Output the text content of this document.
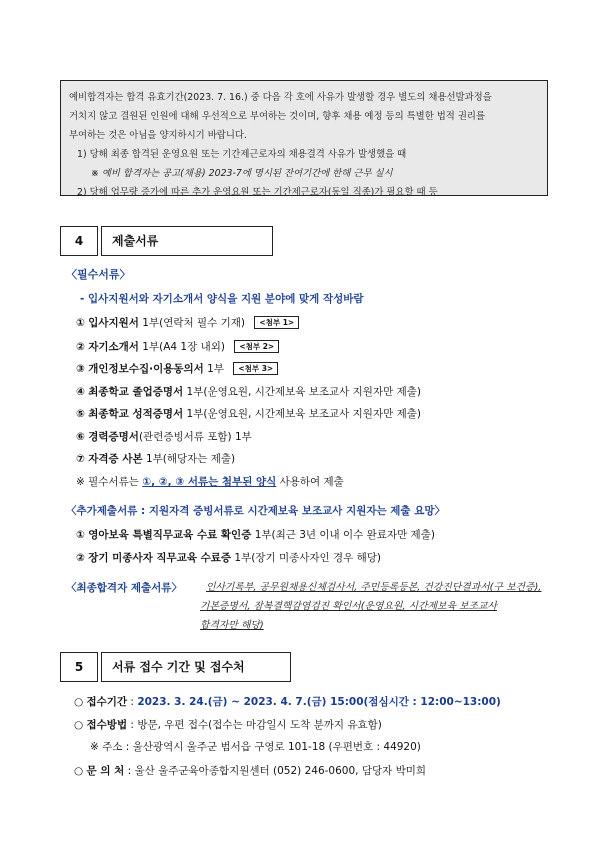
예비합격자는 합격 유효기간(2023. 7. 16.) 중 다음 각 호에 사유가 발생할 경우 별도의 채용선발과정을

거치지 않고 결원된 인원에 대해 우선적으로 부여하는 것이며, 향후 채용 예정 등의 특별한 법적 권리를

부여하는 것은 아님을 양지하시기 바랍니다.

1) 당해 최종 합격된 운영요원 또는 기간제근로자의 채용결격 사유가 발생했을 때

※ 예비 합격자는 공고(채용) 2023-7에 명시된 잔여기간에 한해 근무 실시

2) 당해 업무량 증가에 따른 추가 운영요원 또는 기간제근로자(동일 직종)가 필요할 때 등

4	제출서류
〈필수서류〉
- 입사지원서와 자기소개서 양식을 지원 분야에 맞게 작성바람
① 입사지원서 1부(연락처 필수 기재) <첨부 1>
② 자기소개서 1부(A4 1장 내외) <첨부 2>
③ 개인정보수집·이용동의서 1부 <첨부 3>
④ 최종학교 졸업증명서 1부(운영요원, 시간제보육 보조교사 지원자만 제출)
⑤ 최종학교 성적증명서 1부(운영요원, 시간제보육 보조교사 지원자만 제출)
⑥ 경력증명서(관련증빙서류 포함) 1부
⑦ 자격증 사본 1부(해당자는 제출)
※ 필수서류는 ①, ②, ③ 서류는 첨부된 양식 사용하여 제출
〈추가제출서류 : 지원자격 증빙서류로 시간제보육 보조교사 지원자는 제출 요망〉
① 영아보육 특별직무교육 수료 확인증 1부(최근 3년 이내 이수 완료자만 제출)
② 장기 미종사자 직무교육 수료증 1부(장기 미종사자인 경우 해당)
〈최종합격자 제출서류〉 인사기록부, 공무원채용신체검사서, 주민등록등본, 건강진단결과서(구 보건증),
기본증명서, 잠복결핵감염검진 확인서(운영요원, 시간제보육 보조교사
합격자만 해당)
5	서류 접수 기간 및 접수처
○ 접수기간 : 2023. 3. 24.(금) ~ 2023. 4. 7.(금) 15:00(점심시간 : 12:00~13:00)
○ 접수방법 : 방문, 우편 접수(접수는 마감일시 도착 분까지 유효함)
※ 주소 : 울산광역시 울주군 범서읍 구영로 101-18 (우편번호 : 44920)
○ 문 의 처 : 울산 울주군육아종합지원센터 (052) 246-0600, 담당자 박미희
